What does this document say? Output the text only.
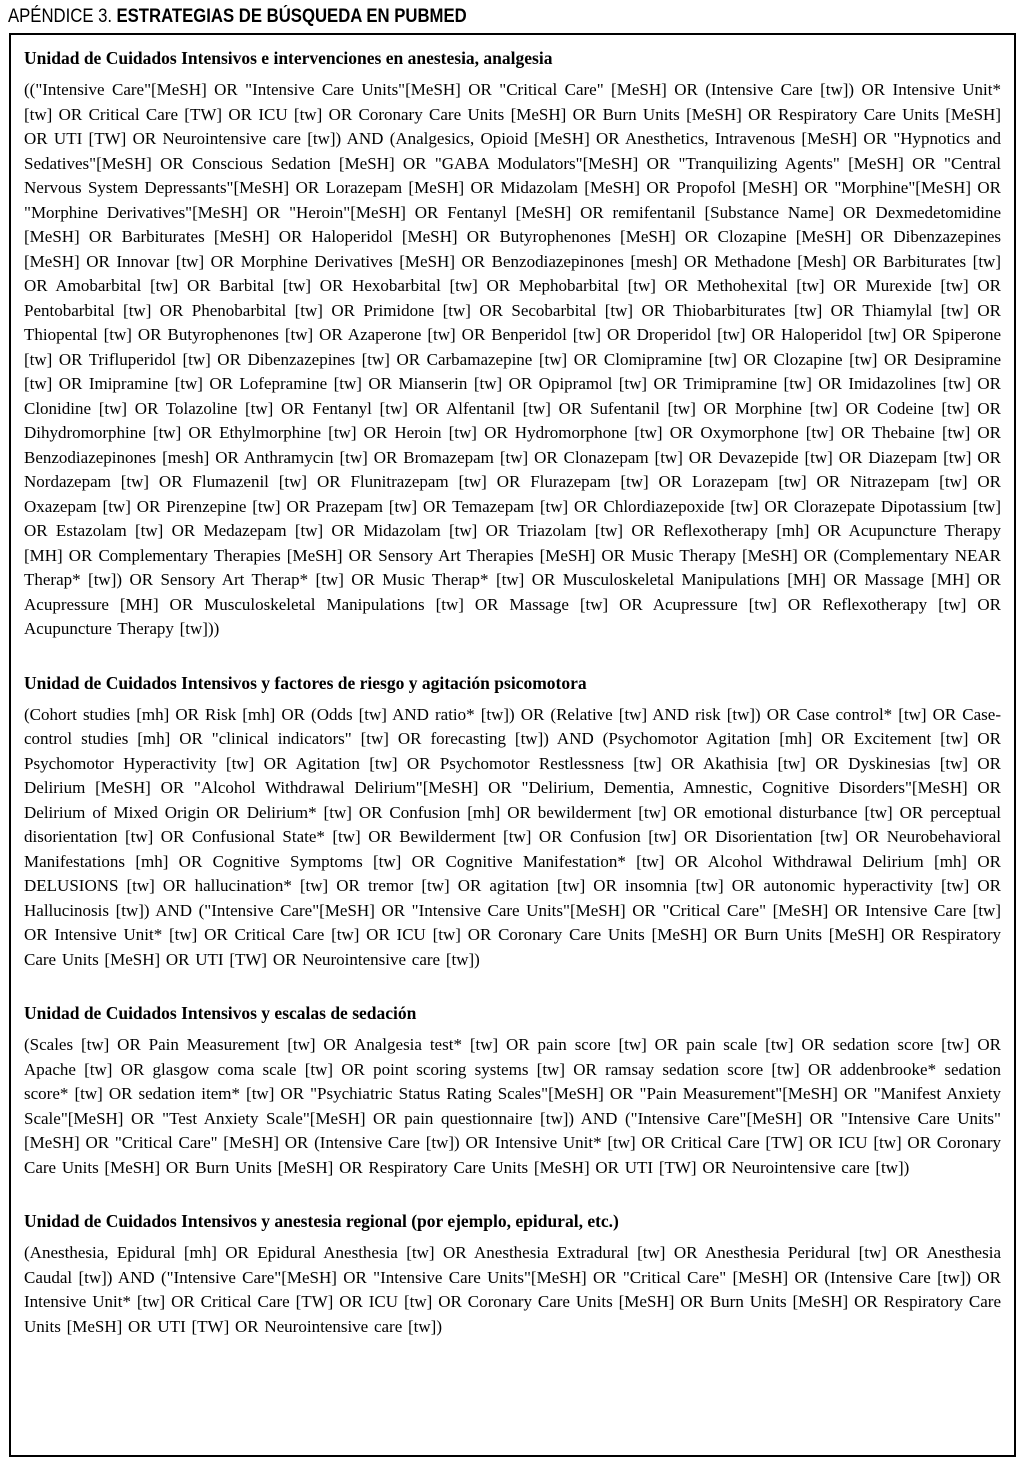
APÉNDICE 3. ESTRATEGIAS DE BÚSQUEDA EN PUBMED
Unidad de Cuidados Intensivos e intervenciones en anestesia, analgesia

(("Intensive Care"[MeSH] OR "Intensive Care Units"[MeSH] OR "Critical Care" [MeSH] OR (Intensive Care [tw]) OR Intensive Unit* [tw] OR Critical Care [TW] OR ICU [tw] OR Coronary Care Units [MeSH] OR Burn Units [MeSH] OR Respiratory Care Units [MeSH] OR UTI [TW] OR Neurointensive care [tw]) AND (Analgesics, Opioid [MeSH] OR Anesthetics, Intravenous [MeSH] OR "Hypnotics and Sedatives"[MeSH] OR Conscious Sedation [MeSH] OR "GABA Modulators"[MeSH] OR "Tranquilizing Agents" [MeSH] OR "Central Nervous System Depressants"[MeSH] OR Lorazepam [MeSH] OR Midazolam [MeSH] OR Propofol [MeSH] OR "Morphine"[MeSH] OR "Morphine Derivatives"[MeSH] OR "Heroin"[MeSH] OR Fentanyl [MeSH] OR remifentanil [Substance Name] OR Dexmedetomidine [MeSH] OR Barbiturates [MeSH] OR Haloperidol [MeSH] OR Butyrophenones [MeSH] OR Clozapine [MeSH] OR Dibenzazepines [MeSH] OR Innovar [tw] OR Morphine Derivatives [MeSH] OR Benzodiazepinones [mesh] OR Methadone [Mesh] OR Barbiturates [tw] OR Amobarbital [tw] OR Barbital [tw] OR Hexobarbital [tw] OR Mephobarbital [tw] OR Methohexital [tw] OR Murexide [tw] OR Pentobarbital [tw] OR Phenobarbital [tw] OR Primidone [tw] OR Secobarbital [tw] OR Thiobarbiturates [tw] OR Thiamylal [tw] OR Thiopental [tw] OR Butyrophenones [tw] OR Azaperone [tw] OR Benperidol [tw] OR Droperidol [tw] OR Haloperidol [tw] OR Spiperone [tw] OR Trifluperidol [tw] OR Dibenzazepines [tw] OR Carbamazepine [tw] OR Clomipramine [tw] OR Clozapine [tw] OR Desipramine [tw] OR Imipramine [tw] OR Lofepramine [tw] OR Mianserin [tw] OR Opipramol [tw] OR Trimipramine [tw] OR Imidazolines [tw] OR Clonidine [tw] OR Tolazoline [tw] OR Fentanyl [tw] OR Alfentanil [tw] OR Sufentanil [tw] OR Morphine [tw] OR Codeine [tw] OR Dihydromorphine [tw] OR Ethylmorphine [tw] OR Heroin [tw] OR Hydromorphone [tw] OR Oxymorphone [tw] OR Thebaine [tw] OR Benzodiazepinones [mesh] OR Anthramycin [tw] OR Bromazepam [tw] OR Clonazepam [tw] OR Devazepide [tw] OR Diazepam [tw] OR Nordazepam [tw] OR Flumazenil [tw] OR Flunitrazepam [tw] OR Flurazepam [tw] OR Lorazepam [tw] OR Nitrazepam [tw] OR Oxazepam [tw] OR Pirenzepine [tw] OR Prazepam [tw] OR Temazepam [tw] OR Chlordiazepoxide [tw] OR Clorazepate Dipotassium [tw] OR Estazolam [tw] OR Medazepam [tw] OR Midazolam [tw] OR Triazolam [tw] OR Reflexotherapy [mh] OR Acupuncture Therapy [MH] OR Complementary Therapies [MeSH] OR Sensory Art Therapies [MeSH] OR Music Therapy [MeSH] OR (Complementary NEAR Therap* [tw]) OR Sensory Art Therap* [tw] OR Music Therap* [tw] OR Musculoskeletal Manipulations [MH] OR Massage [MH] OR Acupressure [MH] OR Musculoskeletal Manipulations [tw] OR Massage [tw] OR Acupressure [tw] OR Reflexotherapy [tw] OR Acupuncture Therapy [tw]))

Unidad de Cuidados Intensivos y factores de riesgo y agitación psicomotora

(Cohort studies [mh] OR Risk [mh] OR (Odds [tw] AND ratio* [tw]) OR (Relative [tw] AND risk [tw]) OR Case control* [tw] OR Case-control studies [mh] OR "clinical indicators" [tw] OR forecasting [tw]) AND (Psychomotor Agitation [mh] OR Excitement [tw] OR Psychomotor Hyperactivity [tw] OR Agitation [tw] OR Psychomotor Restlessness [tw] OR Akathisia [tw] OR Dyskinesias [tw] OR Delirium [MeSH] OR "Alcohol Withdrawal Delirium"[MeSH] OR "Delirium, Dementia, Amnestic, Cognitive Disorders"[MeSH] OR Delirium of Mixed Origin OR Delirium* [tw] OR Confusion [mh] OR bewilderment [tw] OR emotional disturbance [tw] OR perceptual disorientation [tw] OR Confusional State* [tw] OR Bewilderment [tw] OR Confusion [tw] OR Disorientation [tw] OR Neurobehavioral Manifestations [mh] OR Cognitive Symptoms [tw] OR Cognitive Manifestation* [tw] OR Alcohol Withdrawal Delirium [mh] OR DELUSIONS [tw] OR hallucination* [tw] OR tremor [tw] OR agitation [tw] OR insomnia [tw] OR autonomic hyperactivity [tw] OR Hallucinosis [tw]) AND ("Intensive Care"[MeSH] OR "Intensive Care Units"[MeSH] OR "Critical Care" [MeSH] OR Intensive Care [tw] OR Intensive Unit* [tw] OR Critical Care [tw] OR ICU [tw] OR Coronary Care Units [MeSH] OR Burn Units [MeSH] OR Respiratory Care Units [MeSH] OR UTI [TW] OR Neurointensive care [tw])

Unidad de Cuidados Intensivos y escalas de sedación

(Scales [tw] OR Pain Measurement [tw] OR Analgesia test* [tw] OR pain score [tw] OR pain scale [tw] OR sedation score [tw] OR Apache [tw] OR glasgow coma scale [tw] OR point scoring systems [tw] OR ramsay sedation score [tw] OR addenbrooke* sedation score* [tw] OR sedation item* [tw] OR "Psychiatric Status Rating Scales"[MeSH] OR "Pain Measurement"[MeSH] OR "Manifest Anxiety Scale"[MeSH] OR "Test Anxiety Scale"[MeSH] OR pain questionnaire [tw]) AND ("Intensive Care"[MeSH] OR "Intensive Care Units"[MeSH] OR "Critical Care" [MeSH] OR (Intensive Care [tw]) OR Intensive Unit* [tw] OR Critical Care [TW] OR ICU [tw] OR Coronary Care Units [MeSH] OR Burn Units [MeSH] OR Respiratory Care Units [MeSH] OR UTI [TW] OR Neurointensive care [tw])

Unidad de Cuidados Intensivos y anestesia regional (por ejemplo, epidural, etc.)

(Anesthesia, Epidural [mh] OR Epidural Anesthesia [tw] OR Anesthesia Extradural [tw] OR Anesthesia Peridural [tw] OR Anesthesia Caudal [tw]) AND ("Intensive Care"[MeSH] OR "Intensive Care Units"[MeSH] OR "Critical Care" [MeSH] OR (Intensive Care [tw]) OR Intensive Unit* [tw] OR Critical Care [TW] OR ICU [tw] OR Coronary Care Units [MeSH] OR Burn Units [MeSH] OR Respiratory Care Units [MeSH] OR UTI [TW] OR Neurointensive care [tw])
